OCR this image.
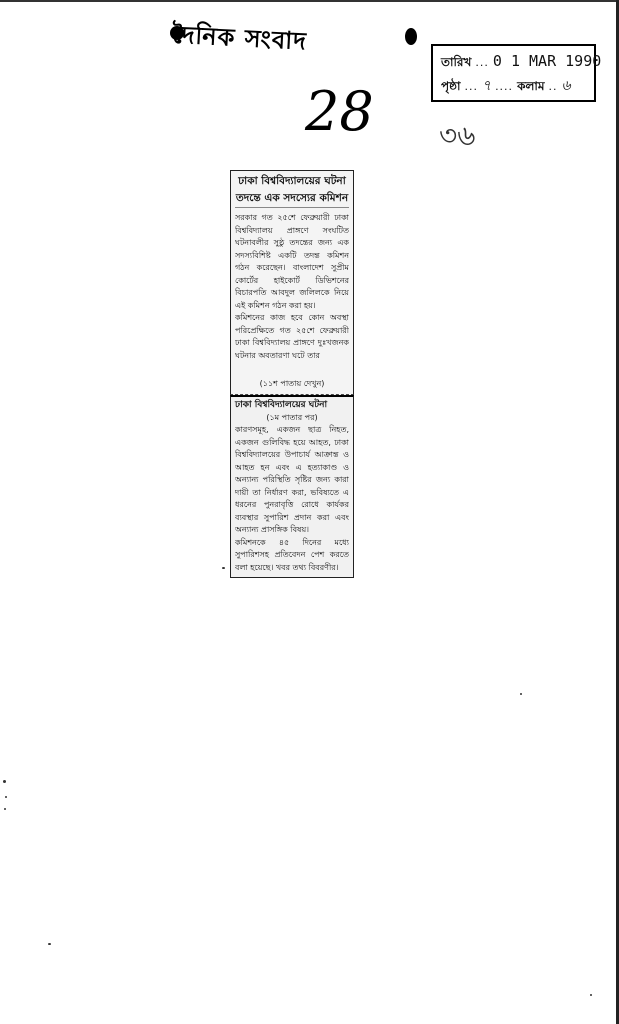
দৈনিক সংবাদ
তারিখ ... 0 1 MAR 1990
পৃষ্ঠা ... ৭ .... কলাম .. ৬
28 ৩৬
ঢাকা বিশ্ববিদ্যালয়ের ঘটনা তদন্তে এক সদস্যের কমিশন
সরকার গত ২৫শে ফেব্রুয়ারী ঢাকা বিশ্ববিদ্যালয় প্রাঙ্গণে সংঘটিত ঘটনাবলীর সুষ্ঠু তদন্তের জন্য এক সদস্যবিশিষ্ট একটি তদন্ত কমিশন গঠন করেছেন। বাংলাদেশ সুপ্রীম কোর্টের হাইকোর্ট ডিভিশনের বিচারপতি আবদুল জলিলকে নিয়ে এই কমিশন গঠন করা হয়।
কমিশনের কাজ হবে কোন অবস্থা পরিপ্রেক্ষিতে গত ২৫শে ফেব্রুয়ারী ঢাকা বিশ্ববিদ্যালয় প্রাঙ্গণে দুঃখজনক ঘটনার অবতারণা ঘটে তার
(১১শ পাতায় দেখুন)
ঢাকা বিশ্ববিদ্যালয়ের ঘটনা
(১ম পাতার পর)
কারণসমূহ, একজন ছাত্র নিহত, একজন গুলিবিদ্ধ হয়ে আহত, ঢাকা বিশ্ববিদ্যালয়ের উপাচার্য আক্রান্ত ও আহত হন এবং এ হত্যাকাণ্ড ও অন্যান্য পরিস্থিতি সৃষ্টির জন্য কারা দায়ী তা নির্ধারণ করা, ভবিষ্যতে এ ধরনের পুনরাবৃত্তি রোধে কার্যকর ব্যবস্থার সুপারিশ প্রদান করা এবং অন্যান্য প্রাসঙ্গিক বিষয়।
কমিশনকে ৪৫ দিনের মধ্যে সুপারিশসহ প্রতিবেদন পেশ করতে বলা হয়েছে। খবর তথ্য বিবরণীর।
